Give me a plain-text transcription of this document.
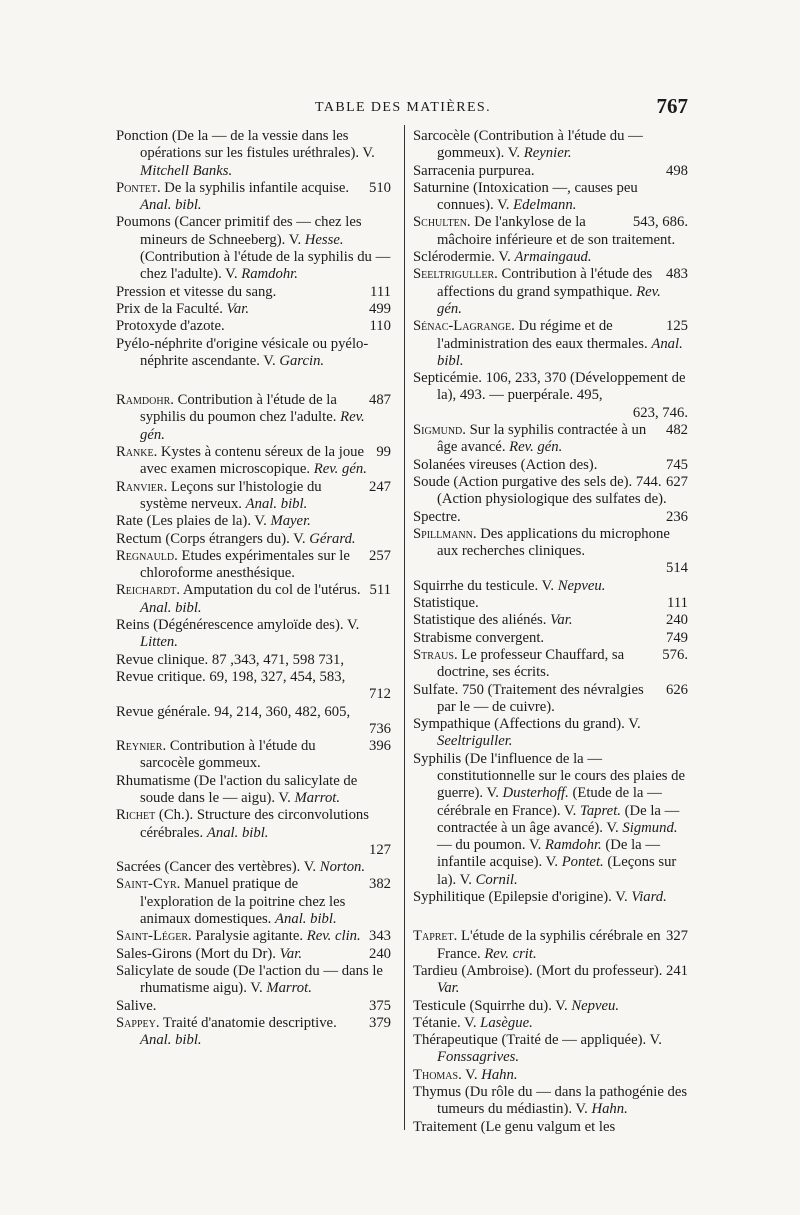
TABLE DES MATIÈRES.	767

Ponction (De la — de la vessie dans les opérations sur les fistules uréthrales). V. Mitchell Banks.

510
Pontet. De la syphilis infantile acquise. Anal. bibl.

Poumons (Cancer primitif des — chez les mineurs de Schneeberg). V. Hesse. (Contribution à l'étude de la syphilis du — chez l'adulte). V. Ramdohr.

111
Pression et vitesse du sang.

499
Prix de la Faculté. Var.

110
Protoxyde d'azote.

Pyélo-néphrite d'origine vésicale ou pyélo-néphrite ascendante. V. Garcin.

487
Ramdohr. Contribution à l'étude de la syphilis du poumon chez l'adulte. Rev. gén.

99
Ranke. Kystes à contenu séreux de la joue avec examen microscopique. Rev. gén.

247
Ranvier. Leçons sur l'histologie du système nerveux. Anal. bibl.

Rate (Les plaies de la). V. Mayer.

Rectum (Corps étrangers du). V. Gérard.

257
Regnauld. Etudes expérimentales sur le chloroforme anesthésique.

511
Reichardt. Amputation du col de l'utérus. Anal. bibl.

Reins (Dégénérescence amyloïde des). V. Litten.

Revue clinique. 87 ,343, 471, 598 731,

Revue critique. 69, 198, 327, 454, 583,
712

Revue générale. 94, 214, 360, 482, 605,
736

396
Reynier. Contribution à l'étude du sarcocèle gommeux.

Rhumatisme (De l'action du salicylate de soude dans le — aigu). V. Marrot.

Richet (Ch.). Structure des circonvolutions cérébrales. Anal. bibl.
127

Sacrées (Cancer des vertèbres). V. Norton.

382
Saint-Cyr. Manuel pratique de l'exploration de la poitrine chez les animaux domestiques. Anal. bibl.

343
Saint-Léger. Paralysie agitante. Rev. clin.

240
Sales-Girons (Mort du Dr). Var.

Salicylate de soude (De l'action du — dans le rhumatisme aigu). V. Marrot.

375
Salive.

379
Sappey. Traité d'anatomie descriptive. Anal. bibl.

Sarcocèle (Contribution à l'étude du — gommeux). V. Reynier.

498
Sarracenia purpurea.

Saturnine (Intoxication —, causes peu connues). V. Edelmann.

543, 686.
Schulten. De l'ankylose de la mâchoire inférieure et de son traitement.

Sclérodermie. V. Armaingaud.

483
Seeltriguller. Contribution à l'étude des affections du grand sympathique. Rev. gén.

125
Sénac-Lagrange. Du régime et de l'administration des eaux thermales. Anal. bibl.

Septicémie. 106, 233, 370 (Développement de la), 493. — puerpérale. 495,
623, 746.

482
Sigmund. Sur la syphilis contractée à un âge avancé. Rev. gén.

745
Solanées vireuses (Action des).

627
Soude (Action purgative des sels de). 744. (Action physiologique des sulfates de).

236
Spectre.

Spillmann. Des applications du microphone aux recherches cliniques.
514

Squirrhe du testicule. V. Nepveu.

111
Statistique.

240
Statistique des aliénés. Var.

749
Strabisme convergent.

576.
Straus. Le professeur Chauffard, sa doctrine, ses écrits.

626
Sulfate. 750 (Traitement des névralgies par le — de cuivre).

Sympathique (Affections du grand). V. Seeltriguller.

Syphilis (De l'influence de la — constitutionnelle sur le cours des plaies de guerre). V. Dusterhoff. (Etude de la — cérébrale en France). V. Tapret. (De la — contractée à un âge avancé). V. Sigmund. — du poumon. V. Ramdohr. (De la — infantile acquise). V. Pontet. (Leçons sur la). V. Cornil.

Syphilitique (Epilepsie d'origine). V. Viard.

327
Tapret. L'étude de la syphilis cérébrale en France. Rev. crit.

241
Tardieu (Ambroise). (Mort du professeur). Var.

Testicule (Squirrhe du). V. Nepveu.

Tétanie. V. Lasègue.

Thérapeutique (Traité de — appliquée). V. Fonssagrives.

Thomas. V. Hahn.

Thymus (Du rôle du — dans la pathogénie des tumeurs du médiastin). V. Hahn.

Traitement (Le genu valgum et les
